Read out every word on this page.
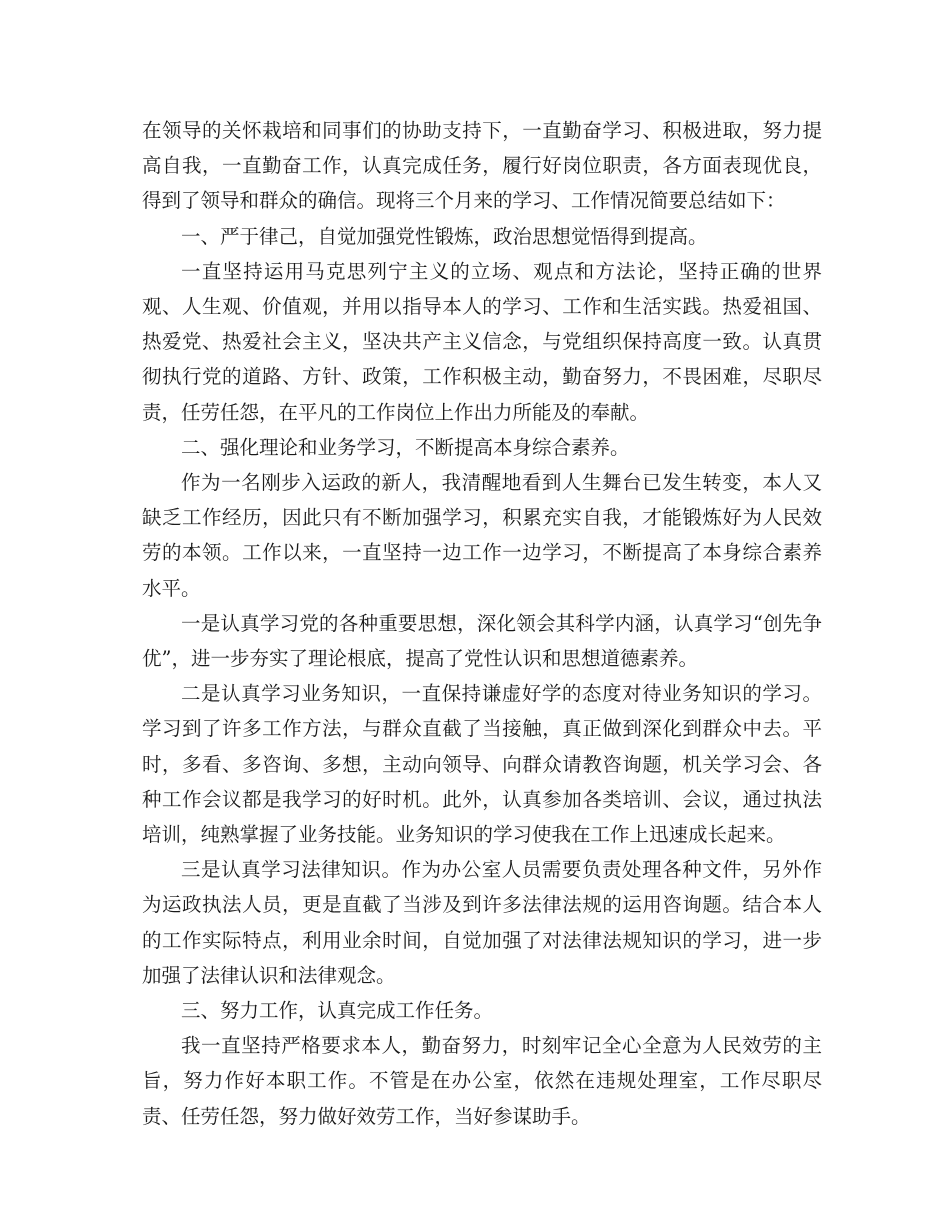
在领导的关怀栽培和同事们的协助支持下，一直勤奋学习、积极进取，努力提高自我，一直勤奋工作，认真完成任务，履行好岗位职责，各方面表现优良，得到了领导和群众的确信。现将三个月来的学习、工作情况简要总结如下：

一、严于律己，自觉加强党性锻炼，政治思想觉悟得到提高。

一直坚持运用马克思列宁主义的立场、观点和方法论，坚持正确的世界观、人生观、价值观，并用以指导本人的学习、工作和生活实践。热爱祖国、热爱党、热爱社会主义，坚决共产主义信念，与党组织保持高度一致。认真贯彻执行党的道路、方针、政策，工作积极主动，勤奋努力，不畏困难，尽职尽责，任劳任怨，在平凡的工作岗位上作出力所能及的奉献。

二、强化理论和业务学习，不断提高本身综合素养。

作为一名刚步入运政的新人，我清醒地看到人生舞台已发生转变，本人又缺乏工作经历，因此只有不断加强学习，积累充实自我，才能锻炼好为人民效劳的本领。工作以来，一直坚持一边工作一边学习，不断提高了本身综合素养水平。

一是认真学习党的各种重要思想，深化领会其科学内涵，认真学习“创先争优”，进一步夯实了理论根底，提高了党性认识和思想道德素养。

二是认真学习业务知识，一直保持谦虚好学的态度对待业务知识的学习。学习到了许多工作方法，与群众直截了当接触，真正做到深化到群众中去。平时，多看、多咨询、多想，主动向领导、向群众请教咨询题，机关学习会、各种工作会议都是我学习的好时机。此外，认真参加各类培训、会议，通过执法培训，纯熟掌握了业务技能。业务知识的学习使我在工作上迅速成长起来。

三是认真学习法律知识。作为办公室人员需要负责处理各种文件，另外作为运政执法人员，更是直截了当涉及到许多法律法规的运用咨询题。结合本人的工作实际特点，利用业余时间，自觉加强了对法律法规知识的学习，进一步加强了法律认识和法律观念。

三、努力工作，认真完成工作任务。

我一直坚持严格要求本人，勤奋努力，时刻牢记全心全意为人民效劳的主旨，努力作好本职工作。不管是在办公室，依然在违规处理室，工作尽职尽责、任劳任怨，努力做好效劳工作，当好参谋助手。
